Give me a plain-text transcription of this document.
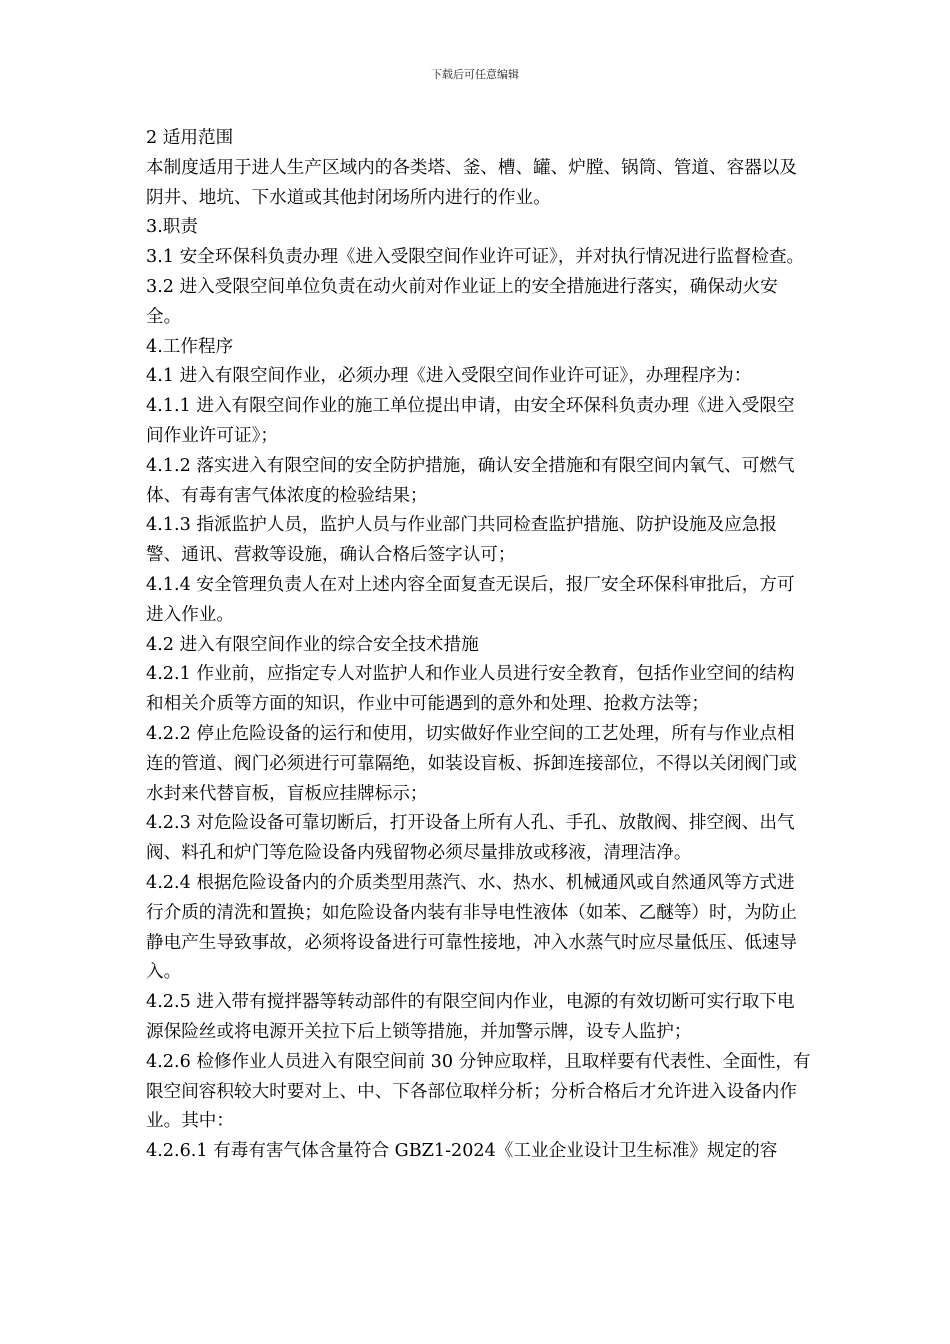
下载后可任意编辑

2 适用范围

本制度适用于进人生产区域内的各类塔、釜、槽、罐、炉膛、锅筒、管道、容器以及阴井、地坑、下水道或其他封闭场所内进行的作业。

3.职责

3.1 安全环保科负责办理《进入受限空间作业许可证》，并对执行情况进行监督检查。

3.2 进入受限空间单位负责在动火前对作业证上的安全措施进行落实，确保动火安全。

4.工作程序

4.1 进入有限空间作业，必须办理《进入受限空间作业许可证》，办理程序为：

4.1.1 进入有限空间作业的施工单位提出申请，由安全环保科负责办理《进入受限空间作业许可证》；

4.1.2 落实进入有限空间的安全防护措施，确认安全措施和有限空间内氧气、可燃气体、有毒有害气体浓度的检验结果；

4.1.3 指派监护人员，监护人员与作业部门共同检查监护措施、防护设施及应急报警、通讯、营救等设施，确认合格后签字认可；

4.1.4 安全管理负责人在对上述内容全面复查无误后，报厂安全环保科审批后，方可进入作业。

4.2 进入有限空间作业的综合安全技术措施

4.2.1 作业前，应指定专人对监护人和作业人员进行安全教育，包括作业空间的结构和相关介质等方面的知识，作业中可能遇到的意外和处理、抢救方法等；

4.2.2 停止危险设备的运行和使用，切实做好作业空间的工艺处理，所有与作业点相连的管道、阀门必须进行可靠隔绝，如装设盲板、拆卸连接部位，不得以关闭阀门或水封来代替盲板，盲板应挂牌标示；

4.2.3 对危险设备可靠切断后，打开设备上所有人孔、手孔、放散阀、排空阀、出气阀、料孔和炉门等危险设备内残留物必须尽量排放或移液，清理洁净。

4.2.4 根据危险设备内的介质类型用蒸汽、水、热水、机械通风或自然通风等方式进行介质的清洗和置换；如危险设备内装有非导电性液体（如苯、乙醚等）时，为防止静电产生导致事故，必须将设备进行可靠性接地，冲入水蒸气时应尽量低压、低速导入。

4.2.5 进入带有搅拌器等转动部件的有限空间内作业，电源的有效切断可实行取下电源保险丝或将电源开关拉下后上锁等措施，并加警示牌，设专人监护；

4.2.6 检修作业人员进入有限空间前 30 分钟应取样，且取样要有代表性、全面性，有限空间容积较大时要对上、中、下各部位取样分析；分析合格后才允许进入设备内作业。其中：

4.2.6.1 有毒有害气体含量符合 GBZ1-2024《工业企业设计卫生标准》规定的容
